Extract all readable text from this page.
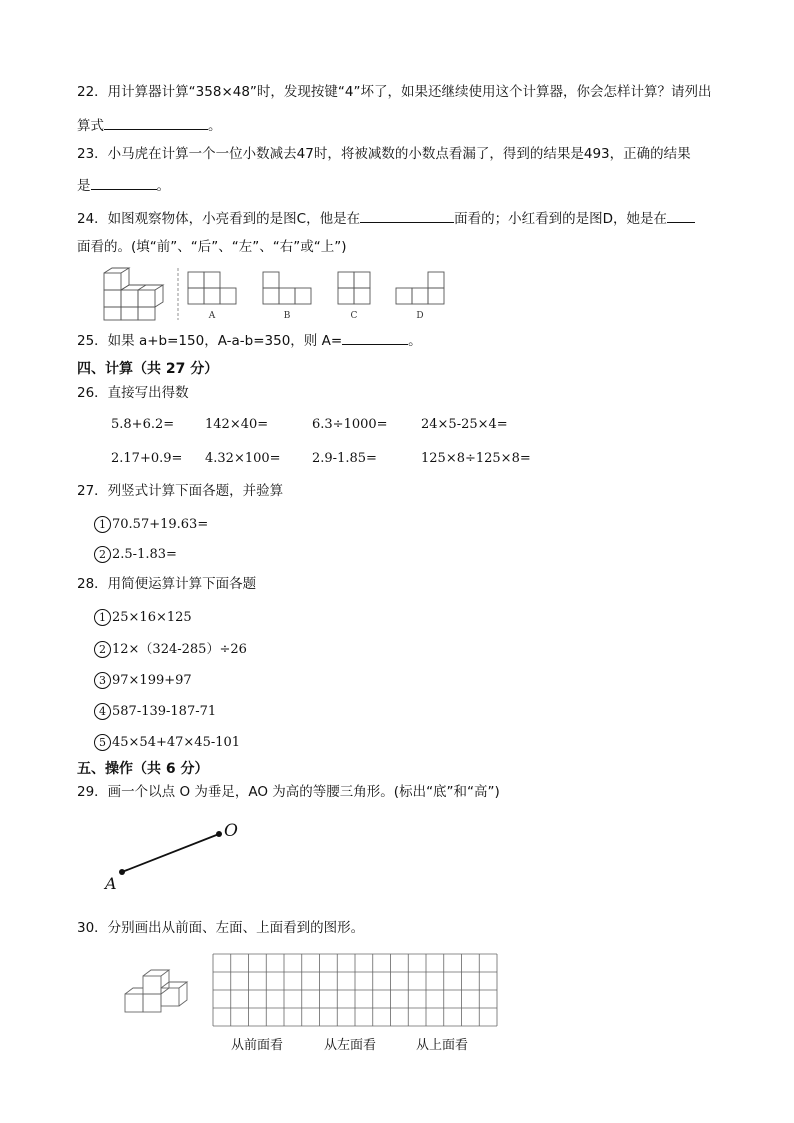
22．用计算器计算“358×48”时，发现按键“4”坏了，如果还继续使用这个计算器，你会怎样计算？请列出
算式	。
23．小马虎在计算一个一位小数减去47时，将被减数的小数点看漏了，得到的结果是493，正确的结果
是	。
24．如图观察物体，小亮看到的是图C，他是在	面看的；小红看到的是图D，她是在
面看的。(填“前”、“后”、“左”、“右”或“上”)
A	B	C	D
25．如果 a+b=150，A-a-b=350，则 A=	。
四、计算（共 27 分）
26．直接写出得数
5.8+6.2= 142×40=	6.3÷1000=	24×5-25×4=
2.17+0.9= 4.32×100= 2.9-1.85=	125×8÷125×8=
27．列竖式计算下面各题，并验算
1 70.57+19.63=
2 2.5-1.83=
28．用简便运算计算下面各题
1 25×16×125
2 12×（324-285）÷26
3 97×199+97
4 587-139-187-71
5 45×54+47×45-101
五、操作（共 6 分）
29．画一个以点 O 为垂足，AO 为高的等腰三角形。(标出“底”和“高”)
A
O
30．分别画出从前面、左面、上面看到的图形。
从前面看	从左面看	从上面看
